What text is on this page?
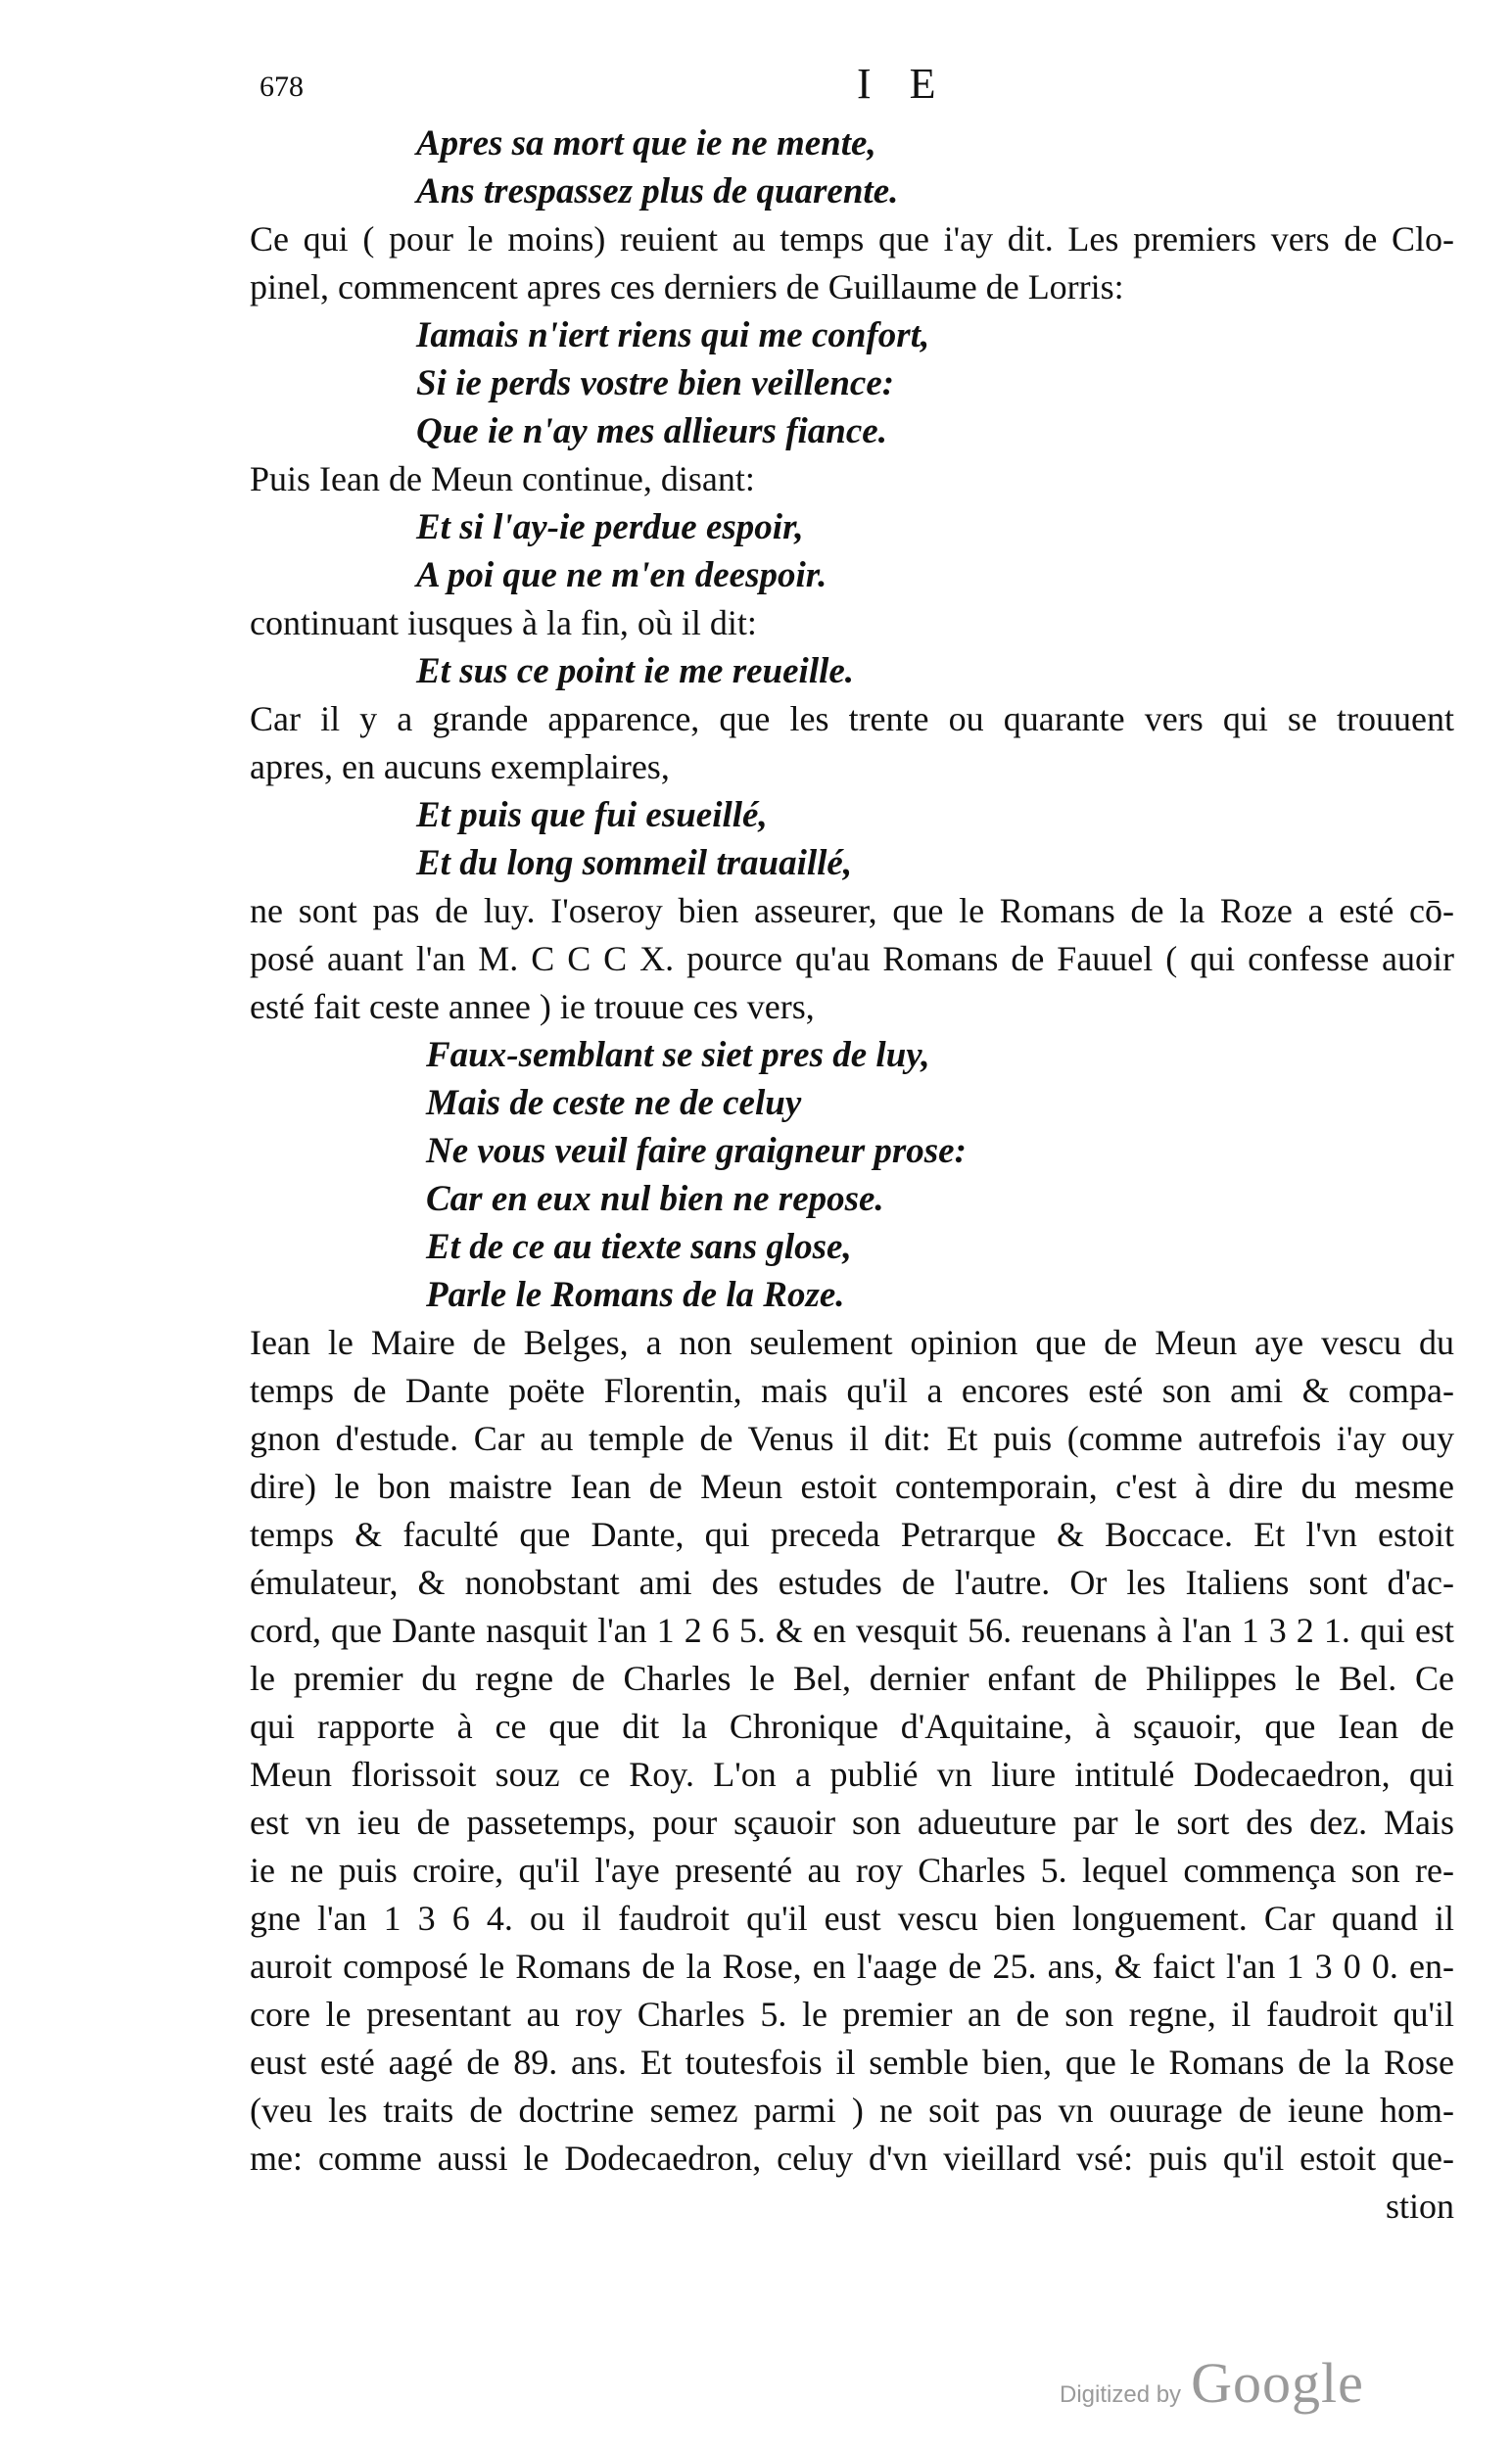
678	I E
Apres sa mort que ie ne mente,
Ans trespassez plus de quarente.
Ce qui ( pour le moins) reuient au temps que i'ay dit. Les premiers vers de Clo-
pinel, commencent apres ces derniers de Guillaume de Lorris:
Iamais n'iert riens qui me confort,
Si ie perds vostre bien veillence:
Que ie n'ay mes allieurs fiance.
Puis Iean de Meun continue, disant:
Et si l'ay-ie perdue espoir,
A poi que ne m'en deespoir.
continuant iusques à la fin, où il dit:
Et sus ce point ie me reueille.
Car il y a grande apparence, que les trente ou quarante vers qui se trouuent
apres, en aucuns exemplaires,
Et puis que fui esueillé,
Et du long sommeil trauaillé,
ne sont pas de luy. I'oseroy bien asseurer, que le Romans de la Roze a esté cō-
posé auant l'an M. C C C X. pource qu'au Romans de Fauuel ( qui confesse auoir
esté fait ceste annee ) ie trouue ces vers,
Faux-semblant se siet pres de luy,
Mais de ceste ne de celuy
Ne vous veuil faire graigneur prose:
Car en eux nul bien ne repose.
Et de ce au tiexte sans glose,
Parle le Romans de la Roze.
Iean le Maire de Belges, a non seulement opinion que de Meun aye vescu du
temps de Dante poëte Florentin, mais qu'il a encores esté son ami & compa-
gnon d'estude. Car au temple de Venus il dit: Et puis (comme autrefois i'ay ouy
dire) le bon maistre Iean de Meun estoit contemporain, c'est à dire du mesme
temps & faculté que Dante, qui preceda Petrarque & Boccace. Et l'vn estoit
émulateur, & nonobstant ami des estudes de l'autre. Or les Italiens sont d'ac-
cord, que Dante nasquit l'an 1 2 6 5. & en vesquit 56. reuenans à l'an 1 3 2 1. qui est
le premier du regne de Charles le Bel, dernier enfant de Philippes le Bel. Ce
qui rapporte à ce que dit la Chronique d'Aquitaine, à sçauoir, que Iean de
Meun florissoit souz ce Roy. L'on a publié vn liure intitulé Dodecaedron, qui
est vn ieu de passetemps, pour sçauoir son adueuture par le sort des dez. Mais
ie ne puis croire, qu'il l'aye presenté au roy Charles 5. lequel commença son re-
gne l'an 1 3 6 4. ou il faudroit qu'il eust vescu bien longuement. Car quand il
auroit composé le Romans de la Rose, en l'aage de 25. ans, & faict l'an 1 3 0 0. en-
core le presentant au roy Charles 5. le premier an de son regne, il faudroit qu'il
eust esté aagé de 89. ans. Et toutesfois il semble bien, que le Romans de la Rose
(veu les traits de doctrine semez parmi ) ne soit pas vn ouurage de ieune hom-
me: comme aussi le Dodecaedron, celuy d'vn vieillard vsé: puis qu'il estoit que-
stion
Digitized by Google
